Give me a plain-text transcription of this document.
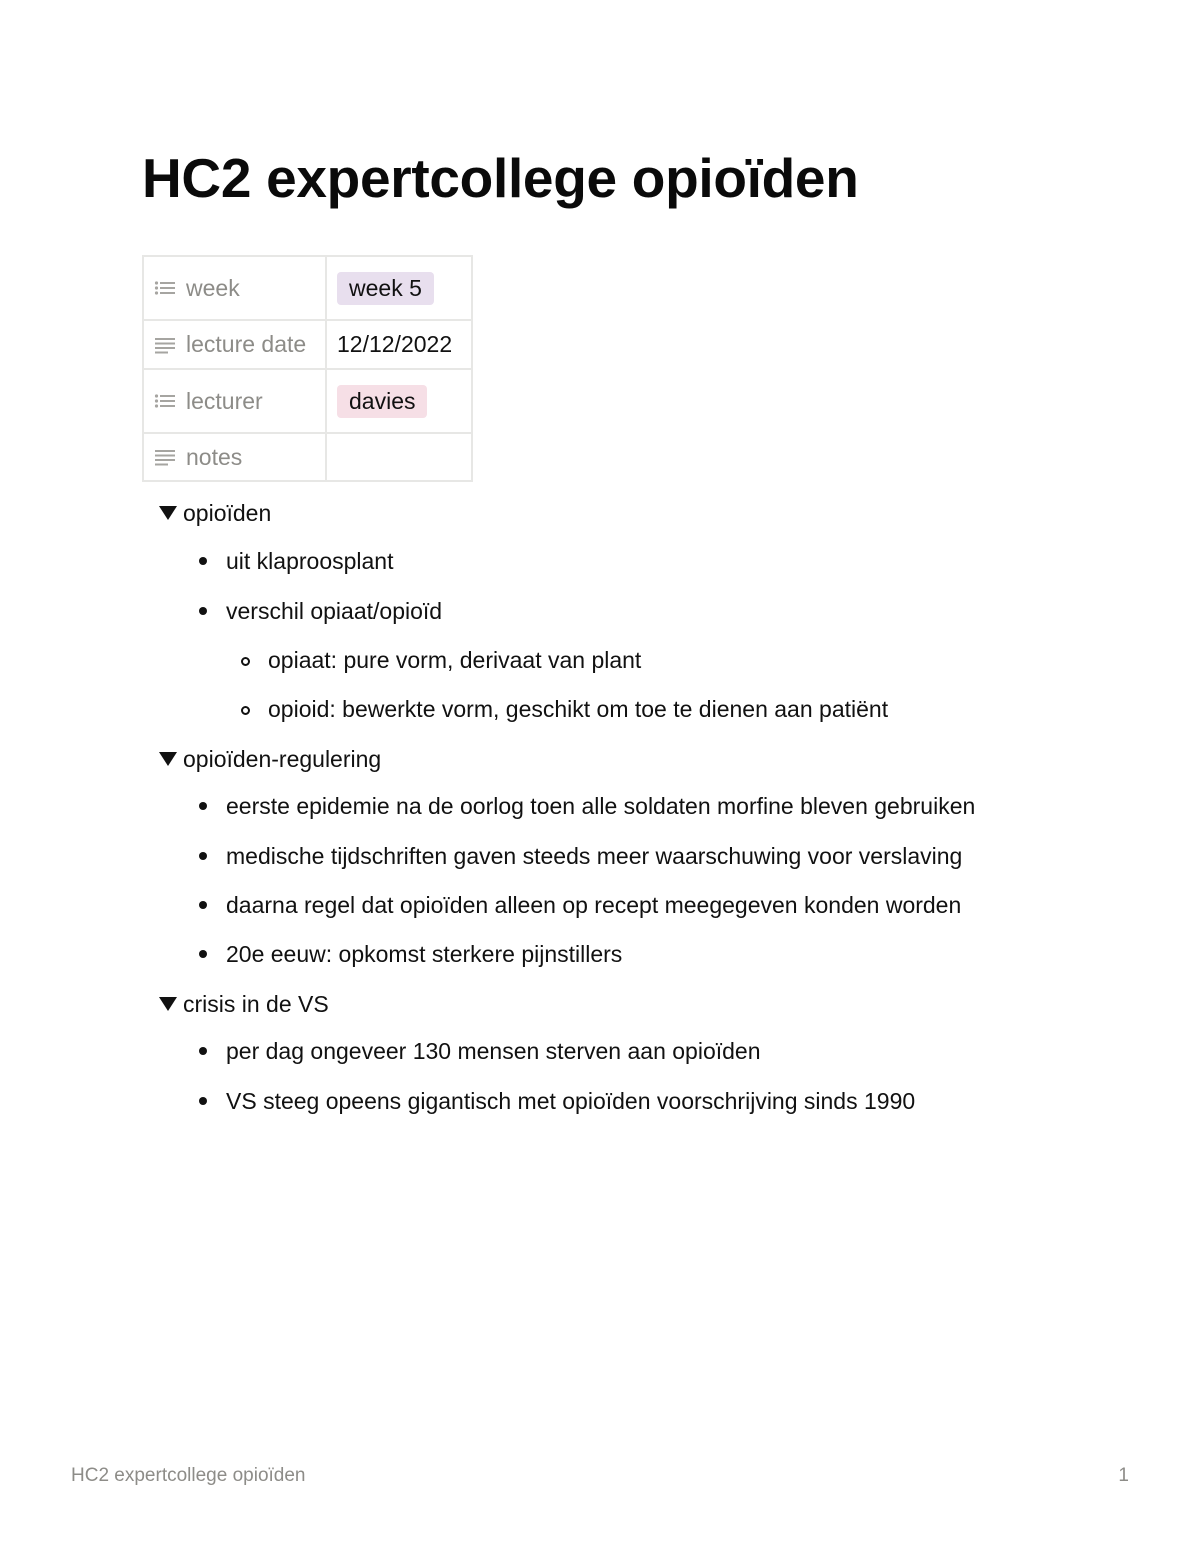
HC2 expertcollege opioïden
week	week 5

lecture date	12/12/2022

lecturer	davies

notes	

opioïden
uit klaproosplant
verschil opiaat/opioïd
opiaat: pure vorm, derivaat van plant
opioid: bewerkte vorm, geschikt om toe te dienen aan patiënt
opioïden-regulering
eerste epidemie na de oorlog toen alle soldaten morfine bleven gebruiken
medische tijdschriften gaven steeds meer waarschuwing voor verslaving
daarna regel dat opioïden alleen op recept meegegeven konden worden
20e eeuw: opkomst sterkere pijnstillers
crisis in de VS
per dag ongeveer 130 mensen sterven aan opioïden
VS steeg opeens gigantisch met opioïden voorschrijving sinds 1990
HC2 expertcollege opioïden	1
